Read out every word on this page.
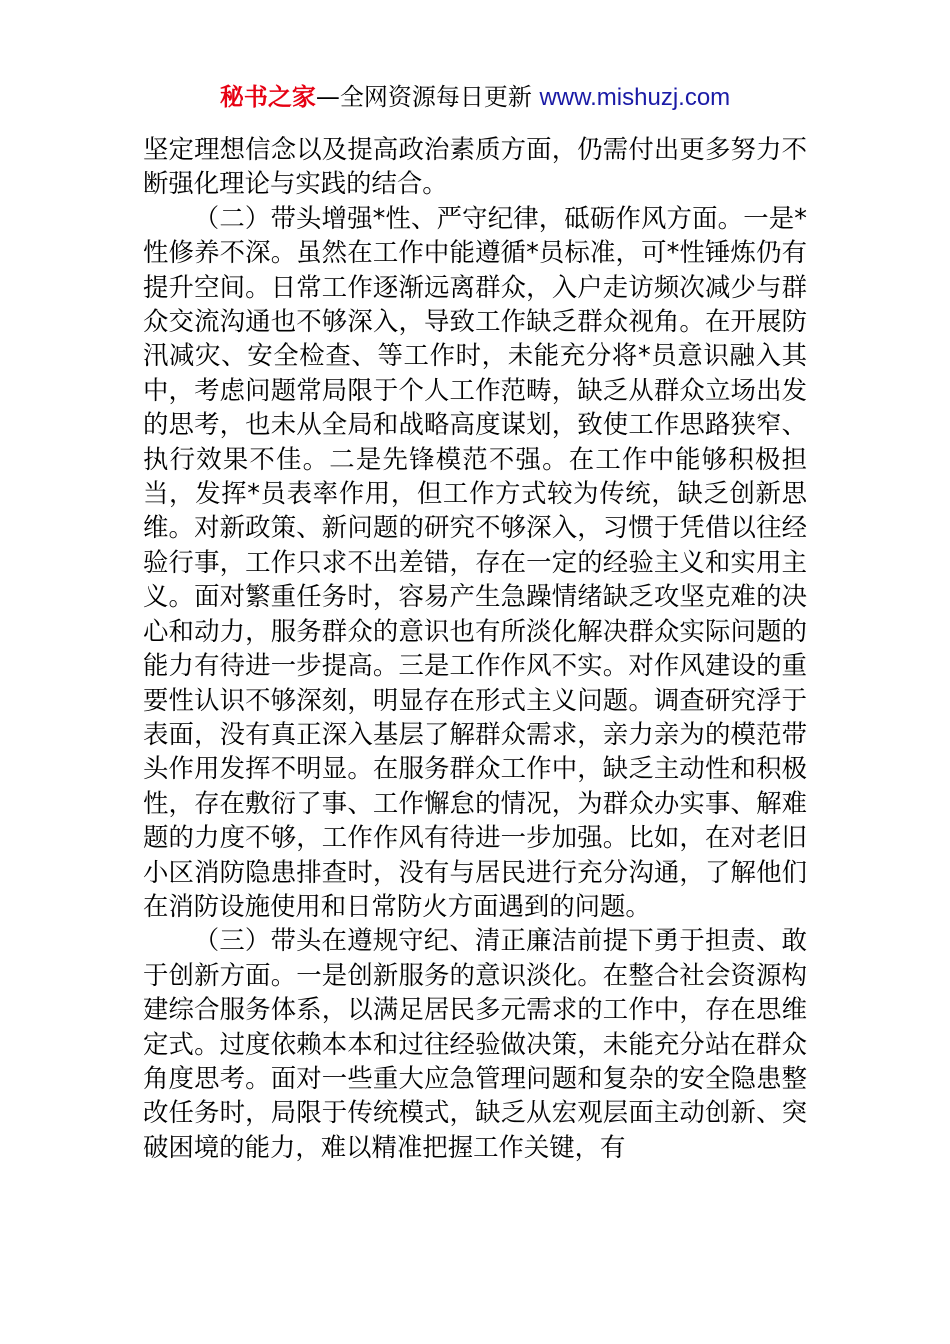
秘书之家—全网资源每日更新 www.mishuzj.com

坚定理想信念以及提高政治素质方面，仍需付出更多努力不断强化理论与实践的结合。

（二）带头增强*性、严守纪律，砥砺作风方面。一是*性修养不深。虽然在工作中能遵循*员标准，可*性锤炼仍有提升空间。日常工作逐渐远离群众，入户走访频次减少与群众交流沟通也不够深入，导致工作缺乏群众视角。在开展防汛减灾、安全检查、等工作时，未能充分将*员意识融入其中，考虑问题常局限于个人工作范畴，缺乏从群众立场出发的思考，也未从全局和战略高度谋划，致使工作思路狭窄、执行效果不佳。二是先锋模范不强。在工作中能够积极担当，发挥*员表率作用，但工作方式较为传统，缺乏创新思维。对新政策、新问题的研究不够深入，习惯于凭借以往经验行事，工作只求不出差错，存在一定的经验主义和实用主义。面对繁重任务时，容易产生急躁情绪缺乏攻坚克难的决心和动力，服务群众的意识也有所淡化解决群众实际问题的能力有待进一步提高。三是工作作风不实。对作风建设的重要性认识不够深刻，明显存在形式主义问题。调查研究浮于表面，没有真正深入基层了解群众需求，亲力亲为的模范带头作用发挥不明显。在服务群众工作中，缺乏主动性和积极性，存在敷衍了事、工作懈怠的情况，为群众办实事、解难题的力度不够，工作作风有待进一步加强。比如，在对老旧小区消防隐患排查时，没有与居民进行充分沟通，了解他们在消防设施使用和日常防火方面遇到的问题。

（三）带头在遵规守纪、清正廉洁前提下勇于担责、敢于创新方面。一是创新服务的意识淡化。在整合社会资源构建综合服务体系，以满足居民多元需求的工作中，存在思维定式。过度依赖本本和过往经验做决策，未能充分站在群众角度思考。面对一些重大应急管理问题和复杂的安全隐患整改任务时，局限于传统模式，缺乏从宏观层面主动创新、突破困境的能力，难以精准把握工作关键，有
